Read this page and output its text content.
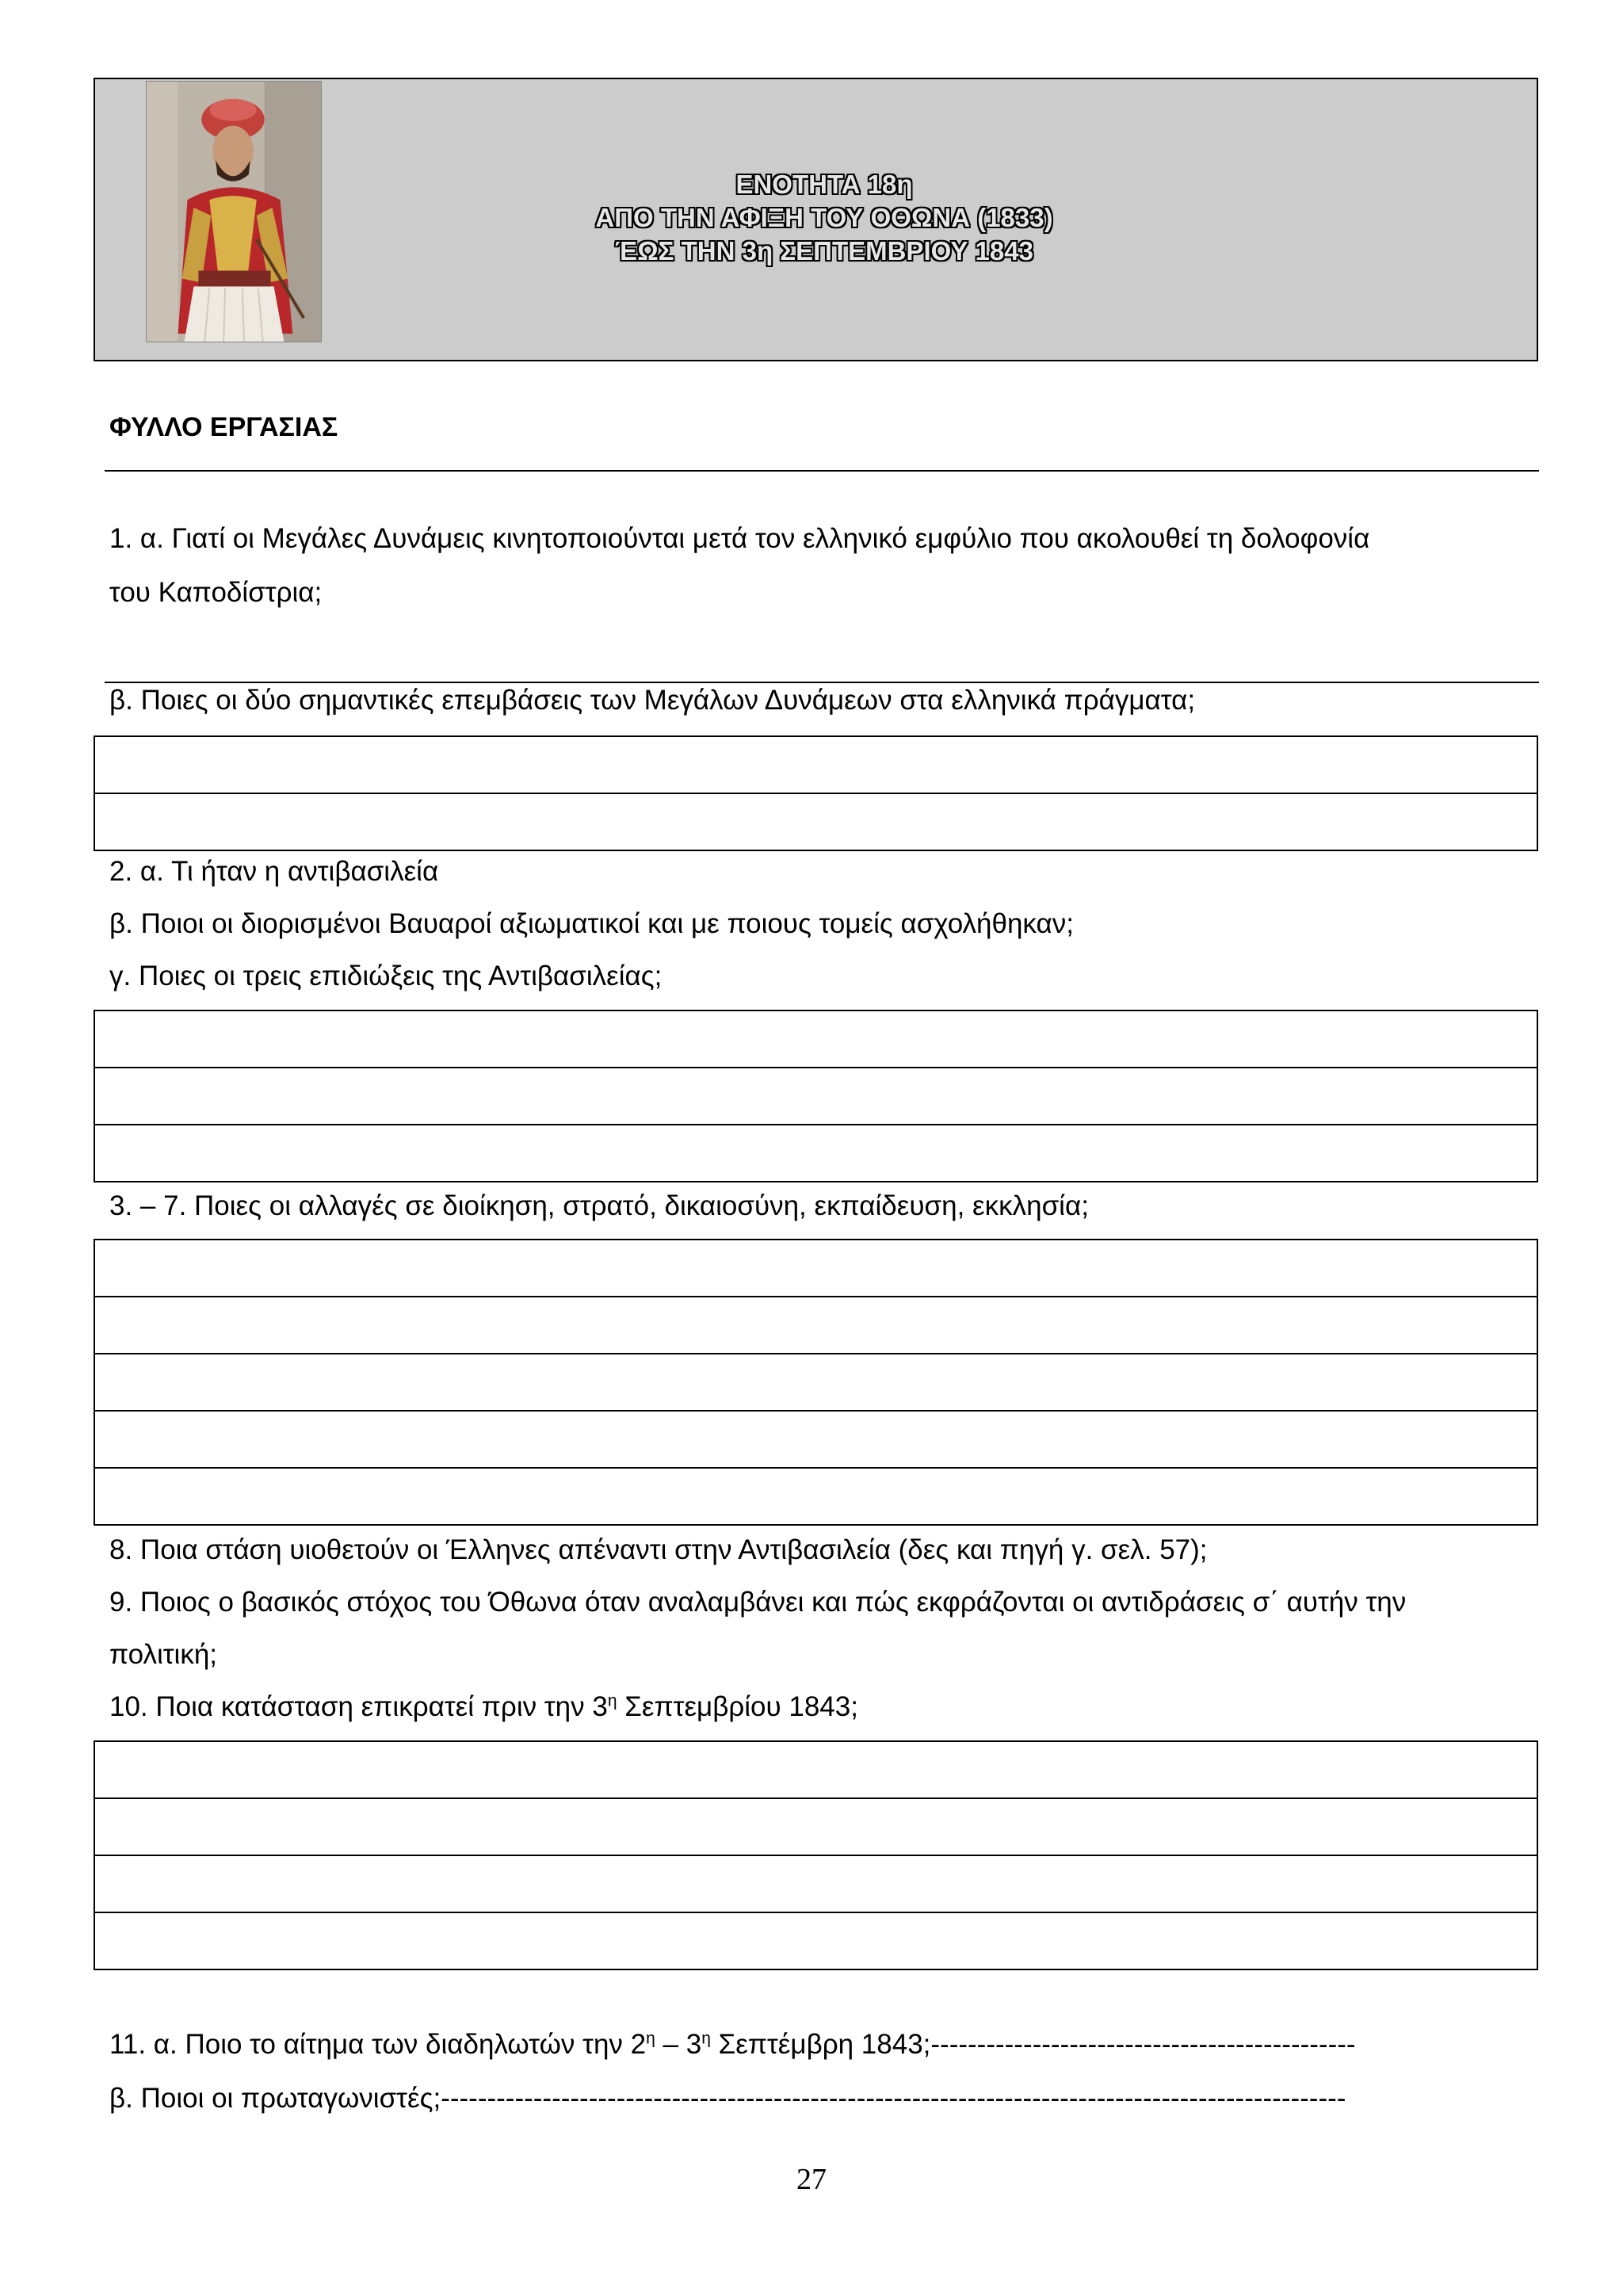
ΕΝΟΤΗΤΑ 18η
ΑΠΟ ΤΗΝ ΑΦΙΞΗ ΤΟΥ ΟΘΩΝΑ (1833)
ΈΩΣ ΤΗΝ 3η ΣΕΠΤΕΜΒΡΙΟΥ 1843
ΦΥΛΛΟ ΕΡΓΑΣΙΑΣ
1. α. Γιατί οι Μεγάλες Δυνάμεις κινητοποιούνται μετά τον ελληνικό εμφύλιο που ακολουθεί τη δολοφονία
του Καποδίστρια;
β. Ποιες οι δύο σημαντικές επεμβάσεις των Μεγάλων Δυνάμεων στα ελληνικά πράγματα;

2. α. Τι ήταν η αντιβασιλεία
β. Ποιοι οι διορισμένοι Βαυαροί αξιωματικοί και με ποιους τομείς ασχολήθηκαν;
γ. Ποιες οι τρεις επιδιώξεις της Αντιβασιλείας;

3. – 7. Ποιες οι αλλαγές σε διοίκηση, στρατό, δικαιοσύνη, εκπαίδευση, εκκλησία;

8. Ποια στάση υιοθετούν οι Έλληνες απέναντι στην Αντιβασιλεία (δες και πηγή γ. σελ. 57);
9. Ποιος ο βασικός στόχος του Όθωνα όταν αναλαμβάνει και πώς εκφράζονται οι αντιδράσεις σ΄ αυτήν την
πολιτική;
10. Ποια κατάσταση επικρατεί πριν την $3^\eta$ Σεπτεμβρίου 1843;

11. α. Ποιο το αίτημα των διαδηλωτών την $2^\eta - 3^\eta$ Σεπτέμβρη 1843;----------------------------------------------
β. Ποιοι οι πρωταγωνιστές;--------------------------------------------------------------------------------------------------
27
